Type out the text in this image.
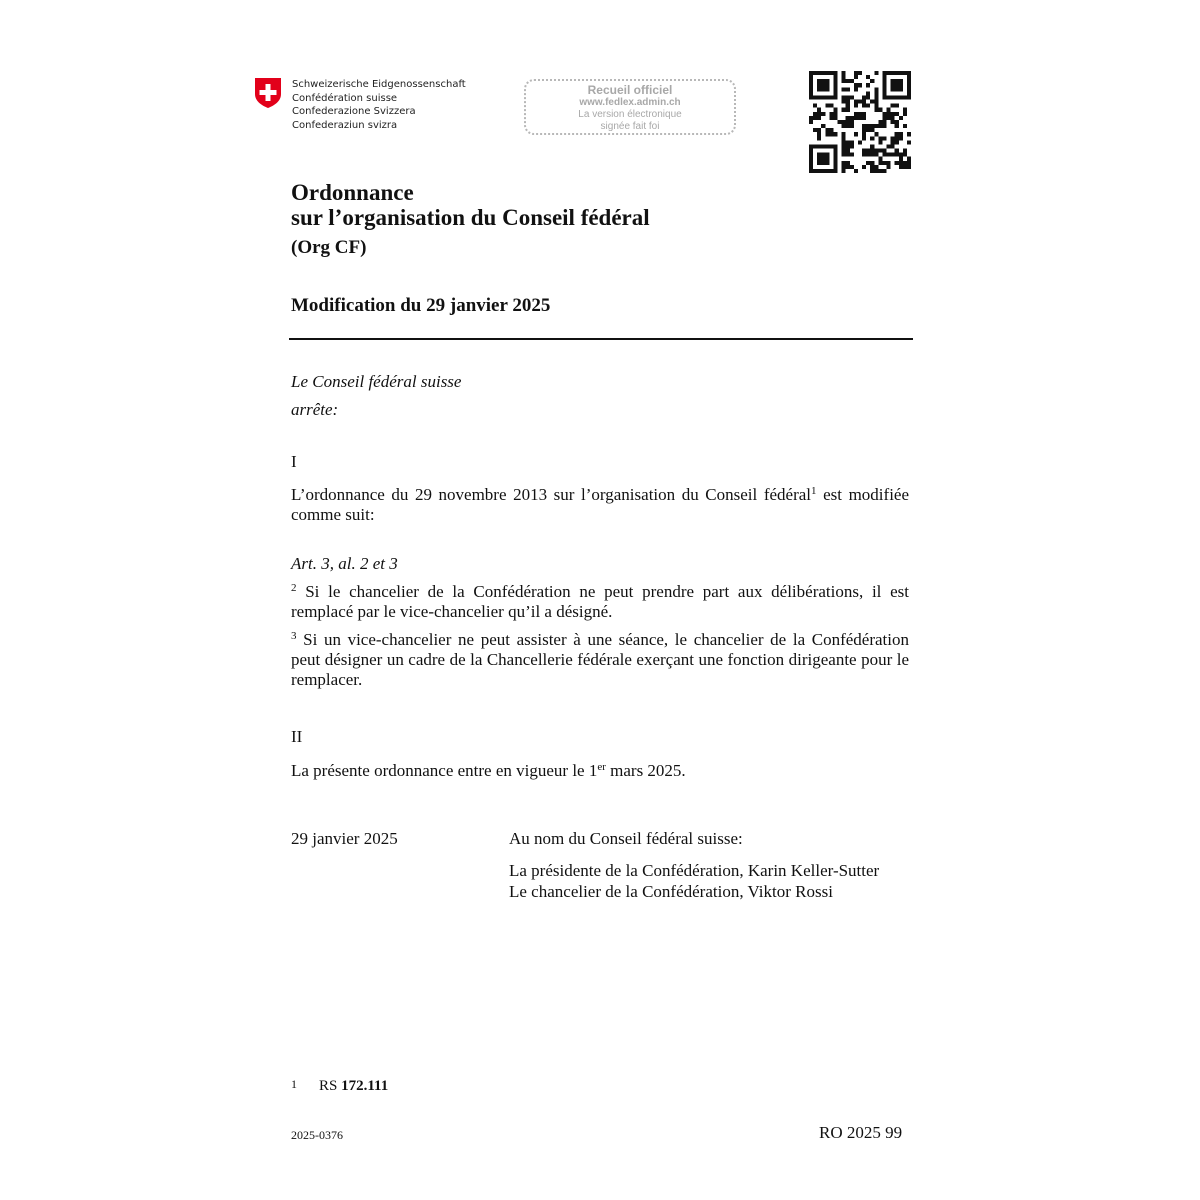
Schweizerische Eidgenossenschaft
Confédération suisse
Confederazione Svizzera
Confederaziun svizra
Recueil officiel
www.fedlex.admin.ch
La version électronique
signée fait foi
Ordonnance
sur l’organisation du Conseil fédéral
(Org CF)
Modification du 29 janvier 2025
Le Conseil fédéral suisse
arrête:
I
L’ordonnance du 29 novembre 2013 sur l’organisation du Conseil fédéral$^1$ est modifiée comme suit:
Art. 3, al. 2 et 3
$^2$ Si le chancelier de la Confédération ne peut prendre part aux délibérations, il est remplacé par le vice-chancelier qu’il a désigné.
$^3$ Si un vice-chancelier ne peut assister à une séance, le chancelier de la Confédération peut désigner un cadre de la Chancellerie fédérale exerçant une fonction dirigeante pour le remplacer.
II
La présente ordonnance entre en vigueur le 1er mars 2025.
29 janvier 2025	Au nom du Conseil fédéral suisse:
La présidente de la Confédération, Karin Keller-Sutter
Le chancelier de la Confédération, Viktor Rossi
1 RS 172.111
2025-0376	RO 2025 99
